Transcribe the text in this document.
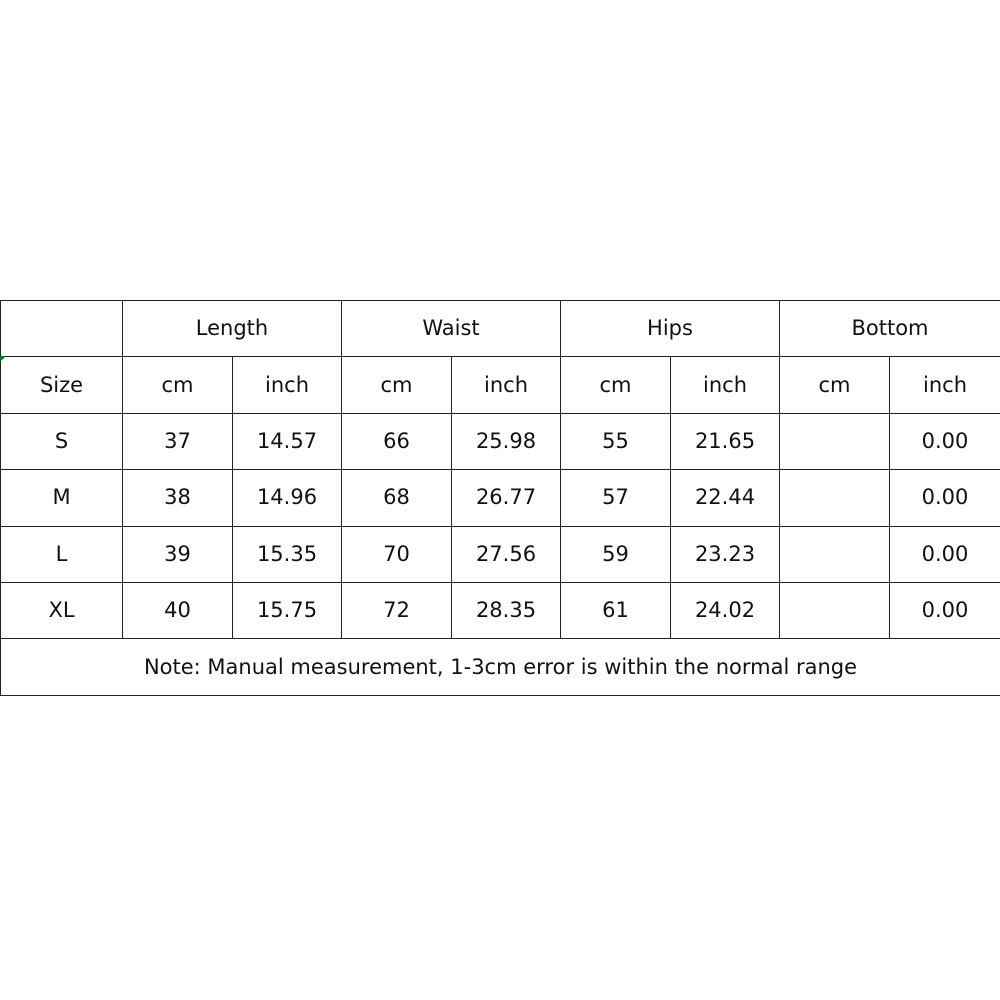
	Length		Waist		Hips		Bottom	
Size	cm	inch	cm	inch	cm	inch	cm	inch
S	37	14.57	66	25.98	55	21.65		0.00
M	38	14.96	68	26.77	57	22.44		0.00
L	39	15.35	70	27.56	59	23.23		0.00
XL	40	15.75	72	28.35	61	24.02		0.00
Note: Manual measurement, 1-3cm error is within the normal range								
